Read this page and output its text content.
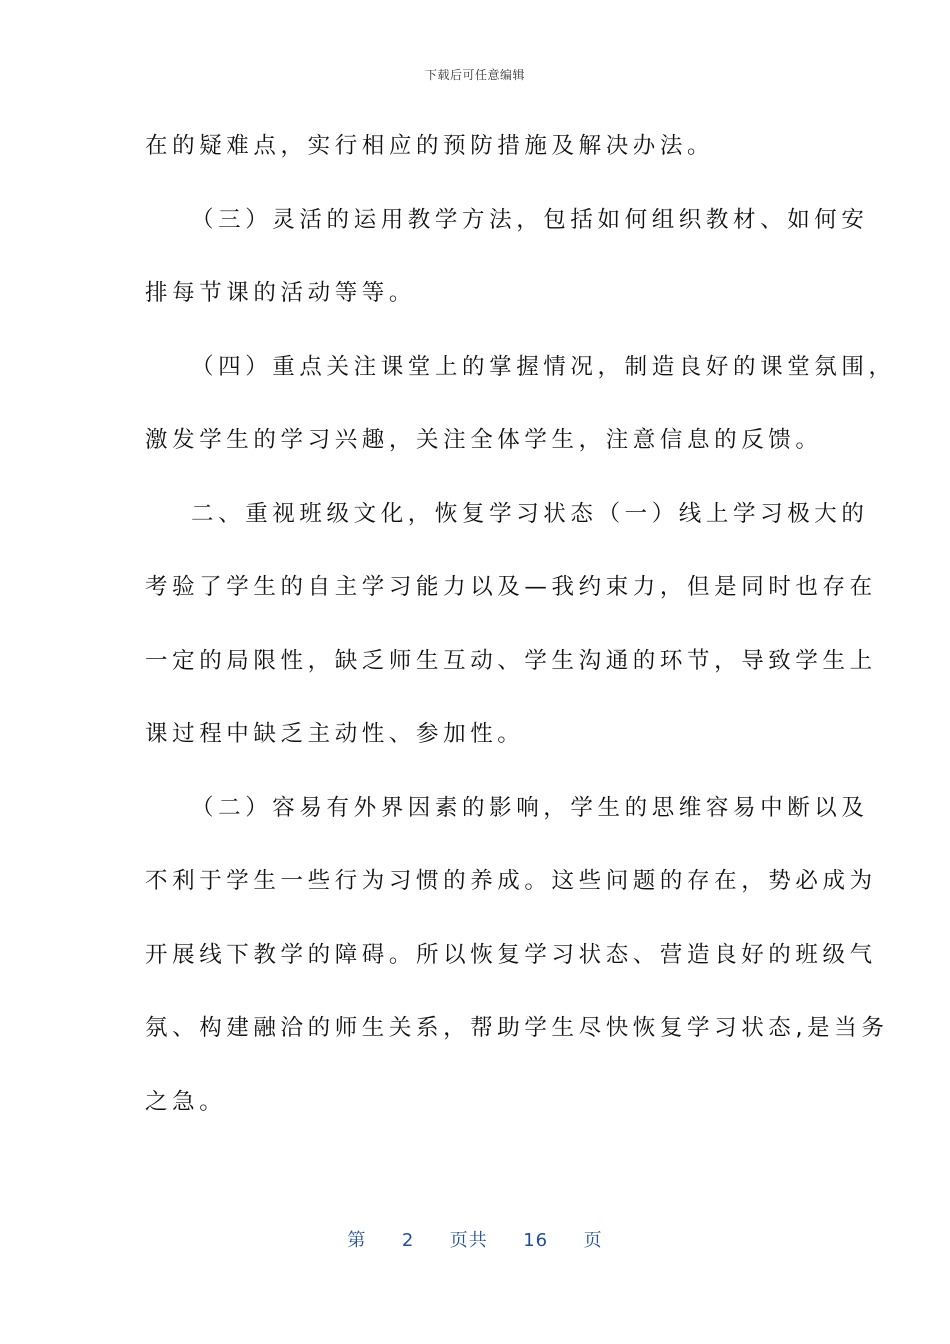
下载后可任意编辑
在的疑难点，实行相应的预防措施及解决办法。
（三）灵活的运用教学方法，包括如何组织教材、如何安
排每节课的活动等等。
（四）重点关注课堂上的掌握情况，制造良好的课堂氛围，
激发学生的学习兴趣，关注全体学生，注意信息的反馈。
二、重视班级文化，恢复学习状态（一）线上学习极大的
考验了学生的自主学习能力以及—我约束力，但是同时也存在
一定的局限性，缺乏师生互动、学生沟通的环节，导致学生上
课过程中缺乏主动性、参加性。
（二）容易有外界因素的影响，学生的思维容易中断以及
不利于学生一些行为习惯的养成。这些问题的存在，势必成为
开展线下教学的障碍。所以恢复学习状态、营造良好的班级气
氛、构建融洽的师生关系，帮助学生尽快恢复学习状态,是当务
之急。
第 2 页共 16 页
